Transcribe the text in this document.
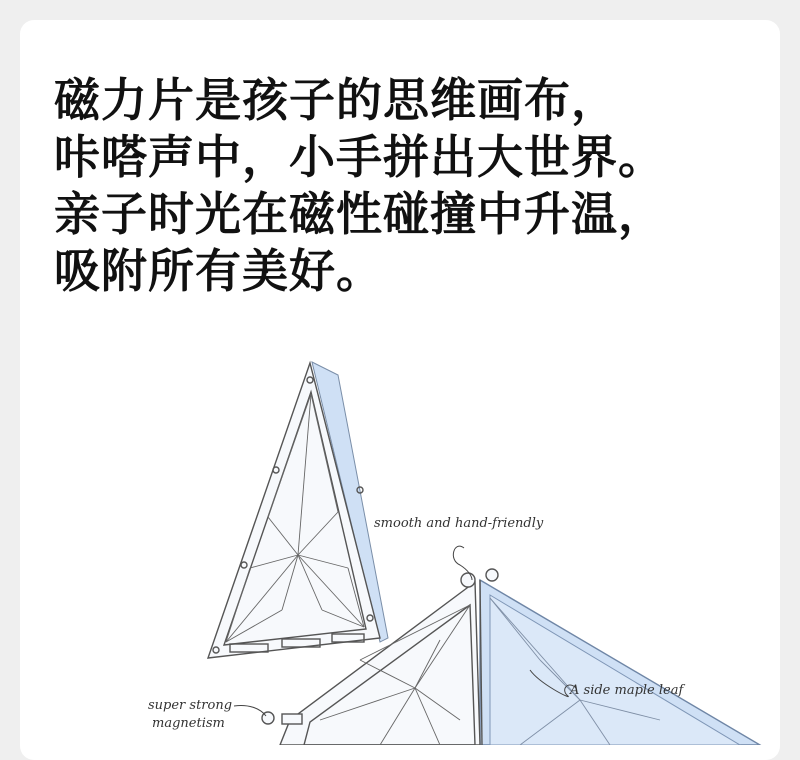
磁力片是孩子的思维画布，
咔嗒声中，小手拼出大世界。
亲子时光在磁性碰撞中升温，
吸附所有美好。
smooth and hand-friendly
A side maple leaf
super strong
magnetism
